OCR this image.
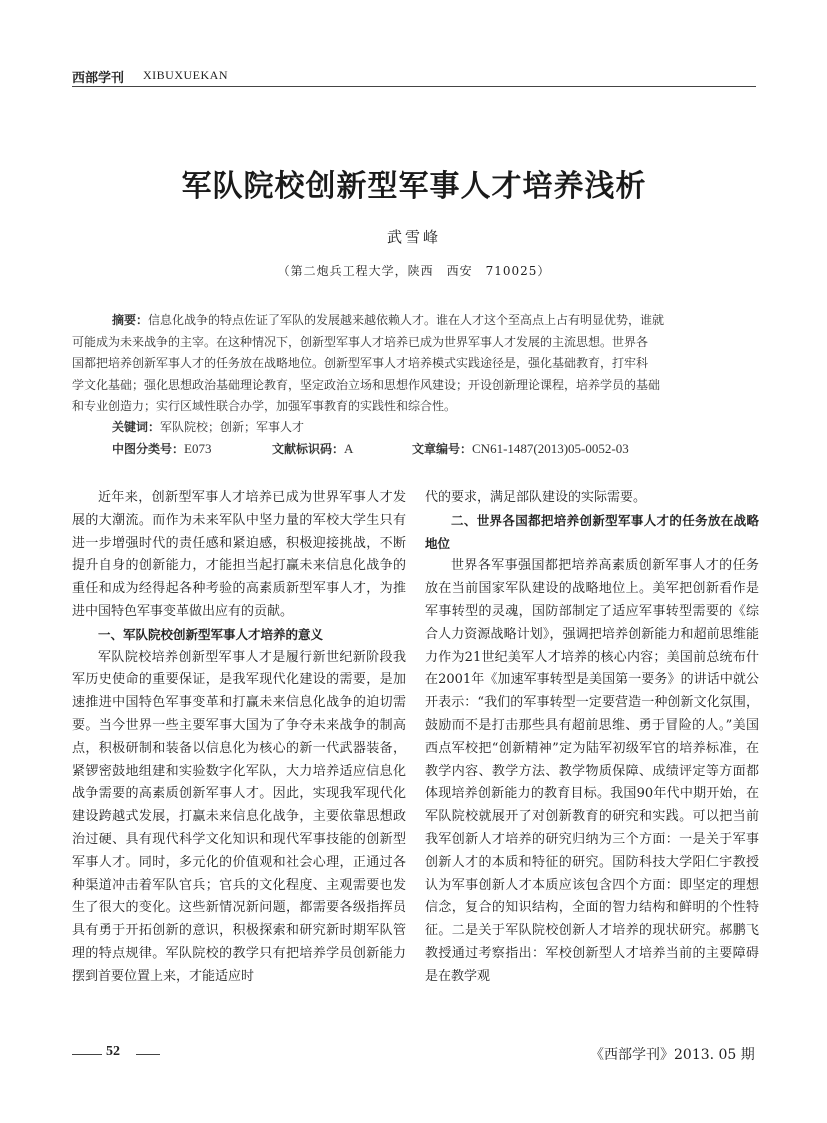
西部学刊 XIBUXUEKAN
军队院校创新型军事人才培养浅析
武雪峰
（第二炮兵工程大学，陕西　西安　710025）

摘要：信息化战争的特点佐证了军队的发展越来越依赖人才。谁在人才这个至高点上占有明显优势，谁就

可能成为未来战争的主宰。在这种情况下，创新型军事人才培养已成为世界军事人才发展的主流思想。世界各

国都把培养创新军事人才的任务放在战略地位。创新型军事人才培养模式实践途径是，强化基础教育，打牢科

学文化基础；强化思想政治基础理论教育，坚定政治立场和思想作风建设；开设创新理论课程，培养学员的基础

和专业创造力；实行区域性联合办学，加强军事教育的实践性和综合性。

关键词：军队院校；创新；军事人才
中图分类号：E073	文献标识码：A	文章编号：CN61-1487(2013)05-0052-03

近年来，创新型军事人才培养已成为世界军事人才发展的大潮流。而作为未来军队中坚力量的军校大学生只有进一步增强时代的责任感和紧迫感，积极迎接挑战，不断提升自身的创新能力，才能担当起打赢未来信息化战争的重任和成为经得起各种考验的高素质新型军事人才，为推进中国特色军事变革做出应有的贡献。

一、军队院校创新型军事人才培养的意义

军队院校培养创新型军事人才是履行新世纪新阶段我军历史使命的重要保证，是我军现代化建设的需要，是加速推进中国特色军事变革和打赢未来信息化战争的迫切需要。当今世界一些主要军事大国为了争夺未来战争的制高点，积极研制和装备以信息化为核心的新一代武器装备，紧锣密鼓地组建和实验数字化军队，大力培养适应信息化战争需要的高素质创新军事人才。因此，实现我军现代化建设跨越式发展，打赢未来信息化战争，主要依靠思想政治过硬、具有现代科学文化知识和现代军事技能的创新型军事人才。同时，多元化的价值观和社会心理，正通过各种渠道冲击着军队官兵；官兵的文化程度、主观需要也发生了很大的变化。这些新情况新问题，都需要各级指挥员具有勇于开拓创新的意识，积极探索和研究新时期军队管理的特点规律。军队院校的教学只有把培养学员创新能力摆到首要位置上来，才能适应时

代的要求，满足部队建设的实际需要。

二、世界各国都把培养创新型军事人才的任务放在战略地位

世界各军事强国都把培养高素质创新军事人才的任务放在当前国家军队建设的战略地位上。美军把创新看作是军事转型的灵魂，国防部制定了适应军事转型需要的《综合人力资源战略计划》，强调把培养创新能力和超前思维能力作为21世纪美军人才培养的核心内容；美国前总统布什在2001年《加速军事转型是美国第一要务》的讲话中就公开表示：“我们的军事转型一定要营造一种创新文化氛围，鼓励而不是打击那些具有超前思维、勇于冒险的人。”美国西点军校把“创新精神”定为陆军初级军官的培养标准，在教学内容、教学方法、教学物质保障、成绩评定等方面都体现培养创新能力的教育目标。我国90年代中期开始，在军队院校就展开了对创新教育的研究和实践。可以把当前我军创新人才培养的研究归纳为三个方面：一是关于军事创新人才的本质和特征的研究。国防科技大学阳仁宇教授认为军事创新人才本质应该包含四个方面：即坚定的理想信念，复合的知识结构，全面的智力结构和鲜明的个性特征。二是关于军队院校创新人才培养的现状研究。郝鹏飞教授通过考察指出：军校创新型人才培养当前的主要障碍是在教学观

52	《西部学刊》2013. 05 期
